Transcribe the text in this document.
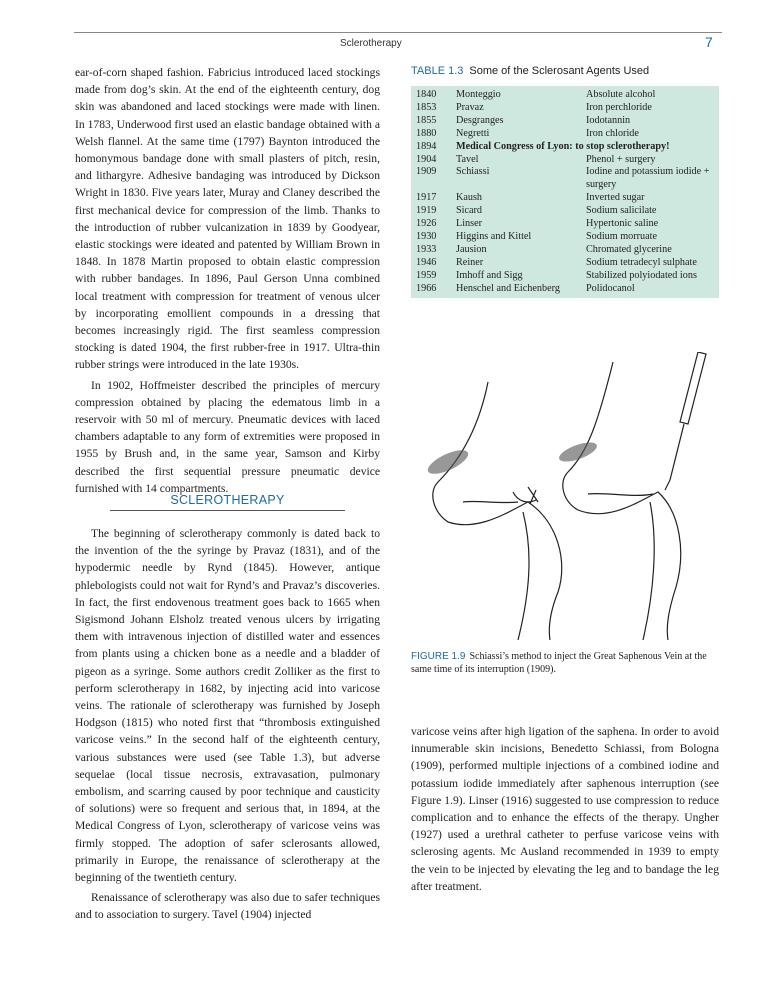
Sclerotherapy	7

ear-of-corn shaped fashion. Fabricius introduced laced stockings made from dog’s skin. At the end of the eighteenth century, dog skin was abandoned and laced stockings were made with linen. In 1783, Underwood first used an elastic bandage obtained with a Welsh flannel. At the same time (1797) Baynton introduced the homonymous bandage done with small plasters of pitch, resin, and lithargyre. Adhesive bandaging was introduced by Dickson Wright in 1830. Five years later, Muray and Claney described the first mechanical device for compression of the limb. Thanks to the introduction of rubber vulcanization in 1839 by Goodyear, elastic stockings were ideated and patented by William Brown in 1848. In 1878 Martin proposed to obtain elastic compression with rubber bandages. In 1896, Paul Gerson Unna combined local treatment with compression for treatment of venous ulcer by incorporating emollient compounds in a dressing that becomes increasingly rigid. The first seamless compression stocking is dated 1904, the first rubber-free in 1917. Ultra-thin rubber strings were introduced in the late 1930s.

In 1902, Hoffmeister described the principles of mercury compression obtained by placing the edematous limb in a reservoir with 50 ml of mercury. Pneumatic devices with laced chambers adaptable to any form of extremities were proposed in 1955 by Brush and, in the same year, Samson and Kirby described the first sequential pressure pneumatic device furnished with 14 compartments.

SCLEROTHERAPY

The beginning of sclerotherapy commonly is dated back to the invention of the the syringe by Pravaz (1831), and of the hypodermic needle by Rynd (1845). However, antique phlebologists could not wait for Rynd’s and Pravaz’s discoveries. In fact, the first endovenous treatment goes back to 1665 when Sigismond Johann Elsholz treated venous ulcers by irrigating them with intravenous injection of distilled water and essences from plants using a chicken bone as a needle and a bladder of pigeon as a syringe. Some authors credit Zolliker as the first to perform sclerotherapy in 1682, by injecting acid into varicose veins. The rationale of sclerotherapy was furnished by Joseph Hodgson (1815) who noted first that “thrombosis extinguished varicose veins.” In the second half of the eighteenth century, various substances were used (see Table 1.3), but adverse sequelae (local tissue necrosis, extravasation, pulmonary embolism, and scarring caused by poor technique and causticity of solutions) were so frequent and serious that, in 1894, at the Medical Congress of Lyon, sclerotherapy of varicose veins was firmly stopped. The adoption of safer sclerosants allowed, primarily in Europe, the renaissance of sclerotherapy at the beginning of the twentieth century.

Renaissance of sclerotherapy was also due to safer techniques and to association to surgery. Tavel (1904) injected

TABLE 1.3 Some of the Sclerosant Agents Used
1840	Monteggio	Absolute alcohol
1853	Pravaz	Iron perchloride
1855	Desgranges	Iodotannin
1880	Negretti	Iron chloride
1894	Medical Congress of Lyon: to stop sclerotherapy!	
1904	Tavel	Phenol + surgery
1909	Schiassi	Iodine and potassium iodide + surgery
1917	Kaush	Inverted sugar
1919	Sicard	Sodium salicilate
1926	Linser	Hypertonic saline
1930	Higgins and Kittel	Sodium morruate
1933	Jausion	Chromated glycerine
1946	Reiner	Sodium tetradecyl sulphate
1959	Imhoff and Sigg	Stabilized polyiodated ions
1966	Henschel and Eichenberg	Polidocanol
FIGURE 1.9 Schiassi’s method to inject the Great Saphenous Vein at the same time of its interruption (1909).

varicose veins after high ligation of the saphena. In order to avoid innumerable skin incisions, Benedetto Schiassi, from Bologna (1909), performed multiple injections of a combined iodine and potassium iodide immediately after saphenous interruption (see Figure 1.9). Linser (1916) suggested to use compression to reduce complication and to enhance the effects of the therapy. Ungher (1927) used a urethral catheter to perfuse varicose veins with sclerosing agents. Mc Ausland recommended in 1939 to empty the vein to be injected by elevating the leg and to bandage the leg after treatment.
